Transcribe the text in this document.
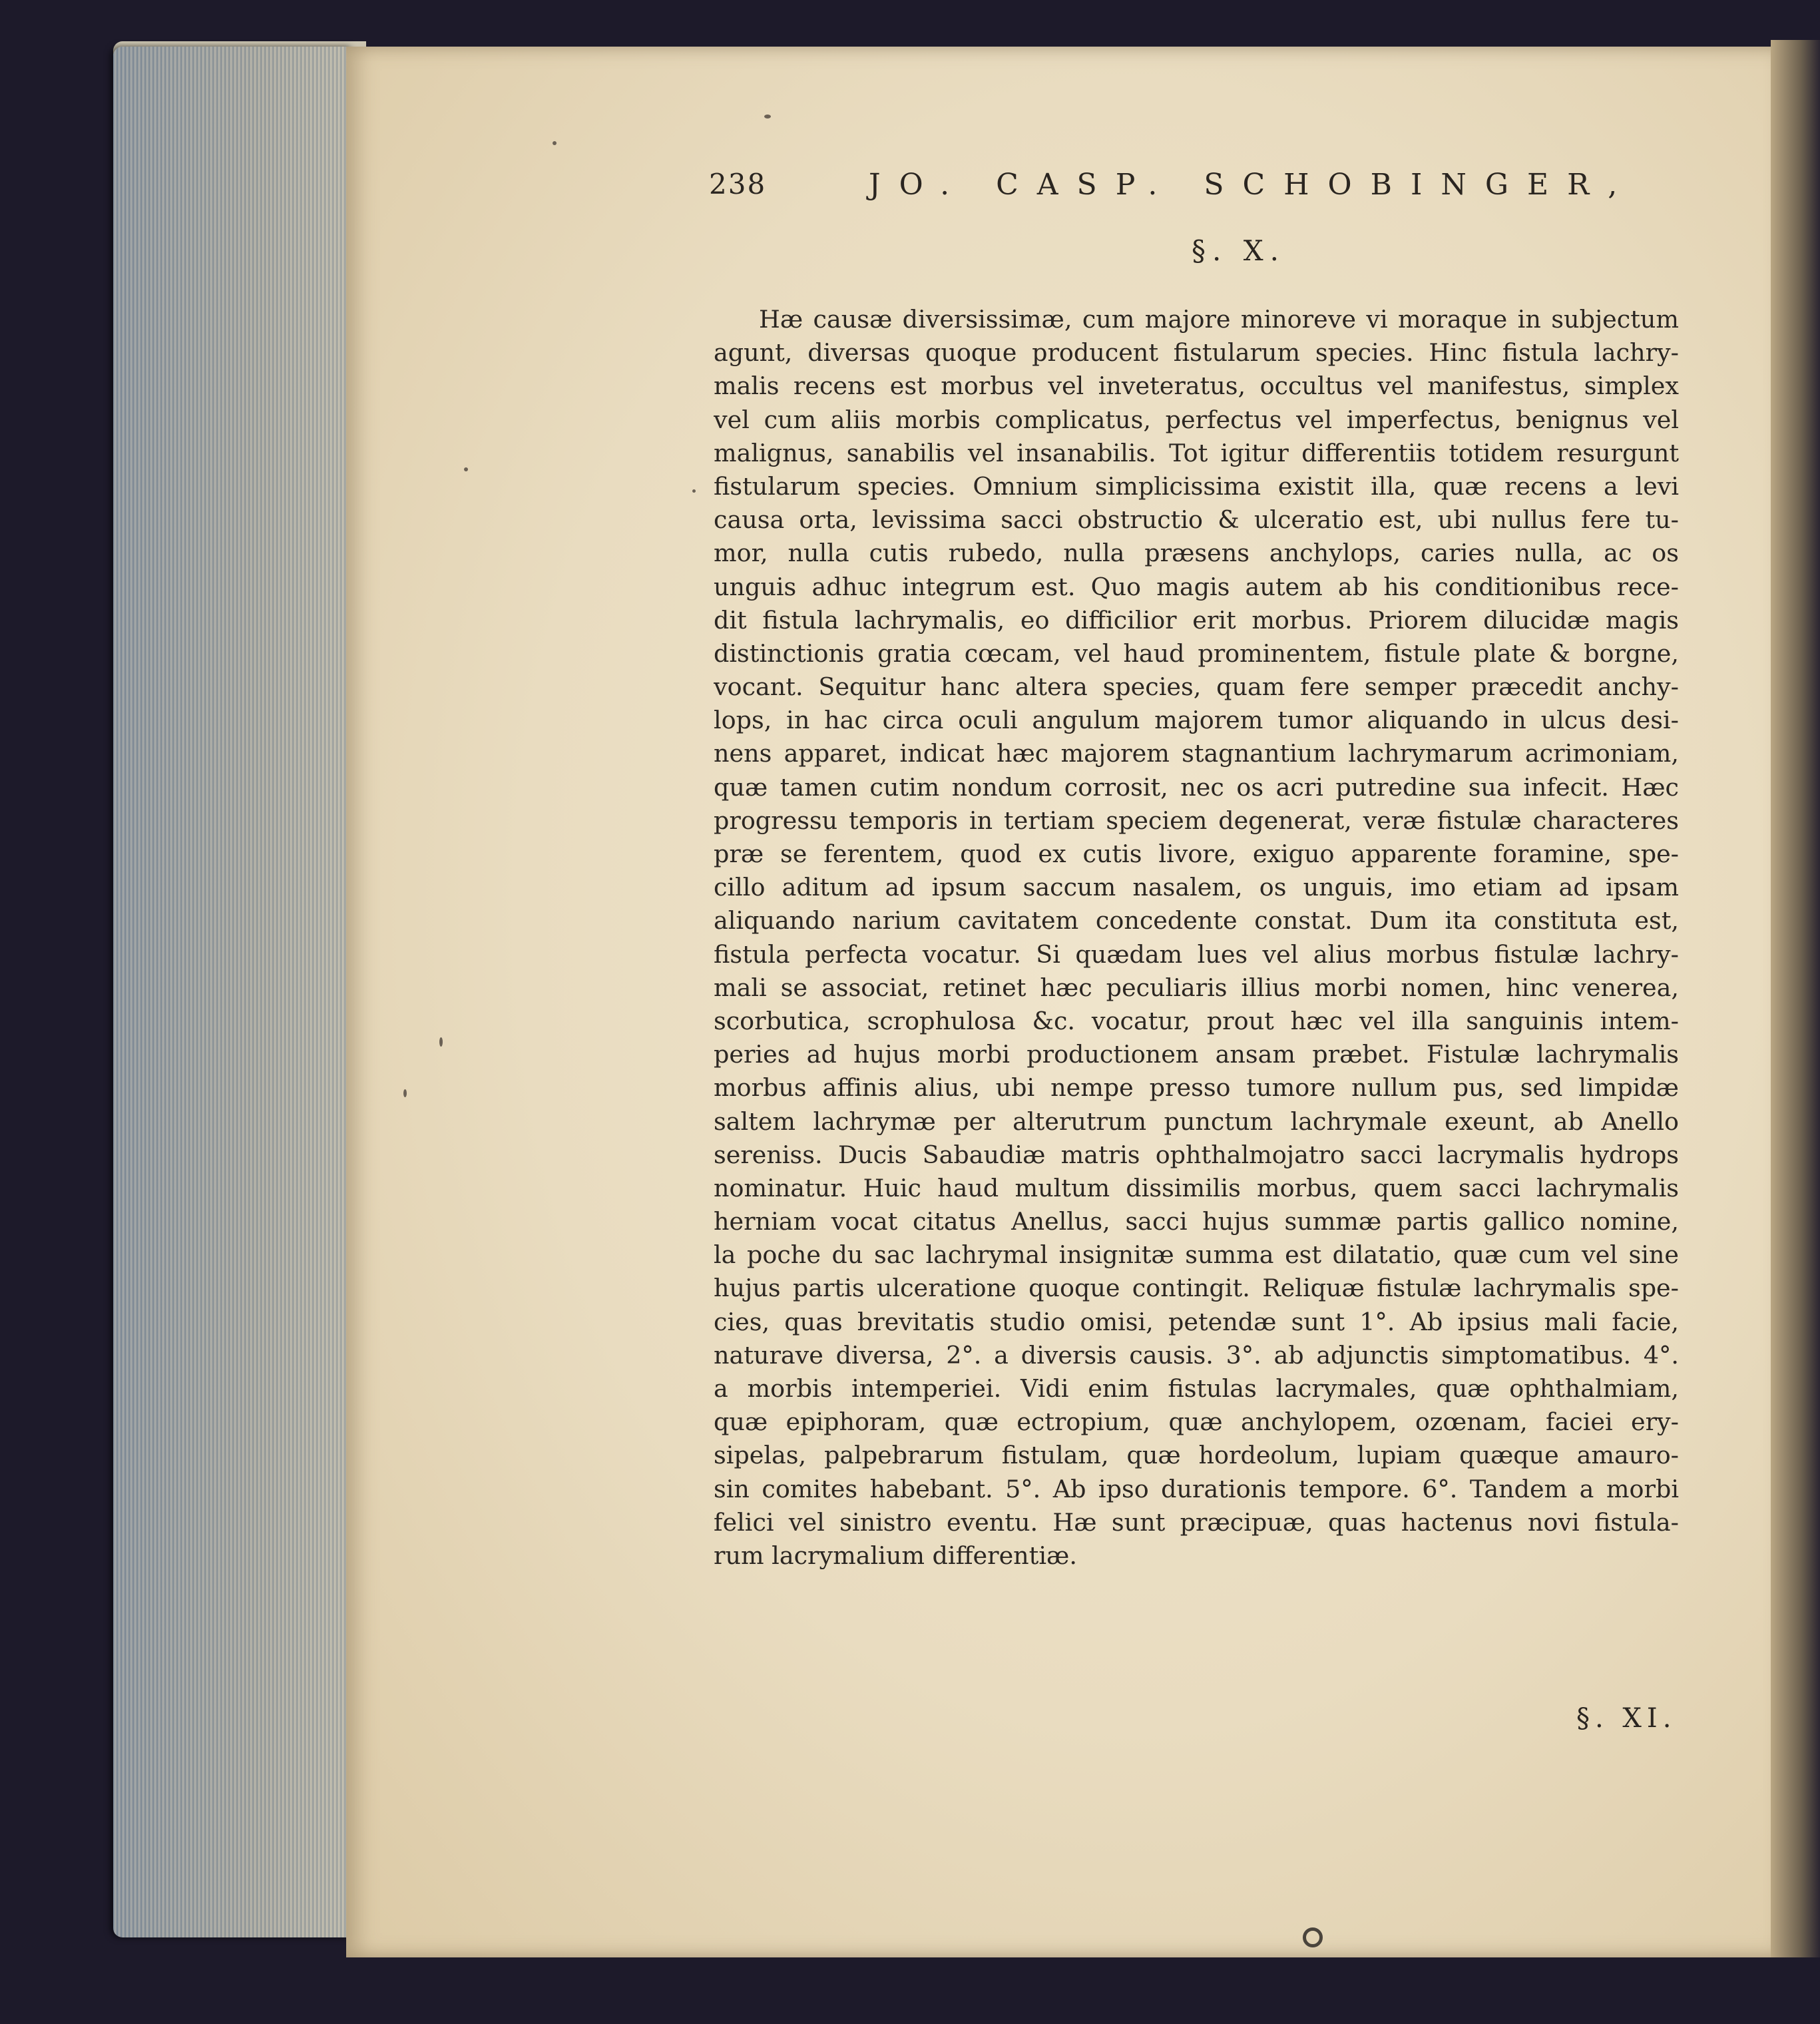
238	JO. CASP. SCHOBINGER,
§. X.
Hæ causæ diversissimæ, cum majore minoreve vi moraque in subjectum
agunt, diversas quoque producent fistularum species. Hinc fistula lachry-
malis recens est morbus vel inveteratus, occultus vel manifestus, simplex
vel cum aliis morbis complicatus, perfectus vel imperfectus, benignus vel
malignus, sanabilis vel insanabilis. Tot igitur differentiis totidem resurgunt
fistularum species. Omnium simplicissima existit illa, quæ recens a levi
causa orta, levissima sacci obstructio & ulceratio est, ubi nullus fere tu-
mor, nulla cutis rubedo, nulla præsens anchylops, caries nulla, ac os
unguis adhuc integrum est. Quo magis autem ab his conditionibus rece-
dit fistula lachrymalis, eo difficilior erit morbus. Priorem dilucidæ magis
distinctionis gratia cœcam, vel haud prominentem, fistule plate & borgne,
vocant. Sequitur hanc altera species, quam fere semper præcedit anchy-
lops, in hac circa oculi angulum majorem tumor aliquando in ulcus desi-
nens apparet, indicat hæc majorem stagnantium lachrymarum acrimoniam,
quæ tamen cutim nondum corrosit, nec os acri putredine sua infecit. Hæc
progressu temporis in tertiam speciem degenerat, veræ fistulæ characteres
præ se ferentem, quod ex cutis livore, exiguo apparente foramine, spe-
cillo aditum ad ipsum saccum nasalem, os unguis, imo etiam ad ipsam
aliquando narium cavitatem concedente constat. Dum ita constituta est,
fistula perfecta vocatur. Si quædam lues vel alius morbus fistulæ lachry-
mali se associat, retinet hæc peculiaris illius morbi nomen, hinc venerea,
scorbutica, scrophulosa &c. vocatur, prout hæc vel illa sanguinis intem-
peries ad hujus morbi productionem ansam præbet. Fistulæ lachrymalis
morbus affinis alius, ubi nempe presso tumore nullum pus, sed limpidæ
saltem lachrymæ per alterutrum punctum lachrymale exeunt, ab Anello
sereniss. Ducis Sabaudiæ matris ophthalmojatro sacci lacrymalis hydrops
nominatur. Huic haud multum dissimilis morbus, quem sacci lachrymalis
herniam vocat citatus Anellus, sacci hujus summæ partis gallico nomine,
la poche du sac lachrymal insignitæ summa est dilatatio, quæ cum vel sine
hujus partis ulceratione quoque contingit. Reliquæ fistulæ lachrymalis spe-
cies, quas brevitatis studio omisi, petendæ sunt 1°. Ab ipsius mali facie,
naturave diversa, 2°. a diversis causis. 3°. ab adjunctis simptomatibus. 4°.
a morbis intemperiei. Vidi enim fistulas lacrymales, quæ ophthalmiam,
quæ epiphoram, quæ ectropium, quæ anchylopem, ozœnam, faciei ery-
sipelas, palpebrarum fistulam, quæ hordeolum, lupiam quæque amauro-
sin comites habebant. 5°. Ab ipso durationis tempore. 6°. Tandem a morbi
felici vel sinistro eventu. Hæ sunt præcipuæ, quas hactenus novi fistula-
rum lacrymalium differentiæ.
§. XI.
